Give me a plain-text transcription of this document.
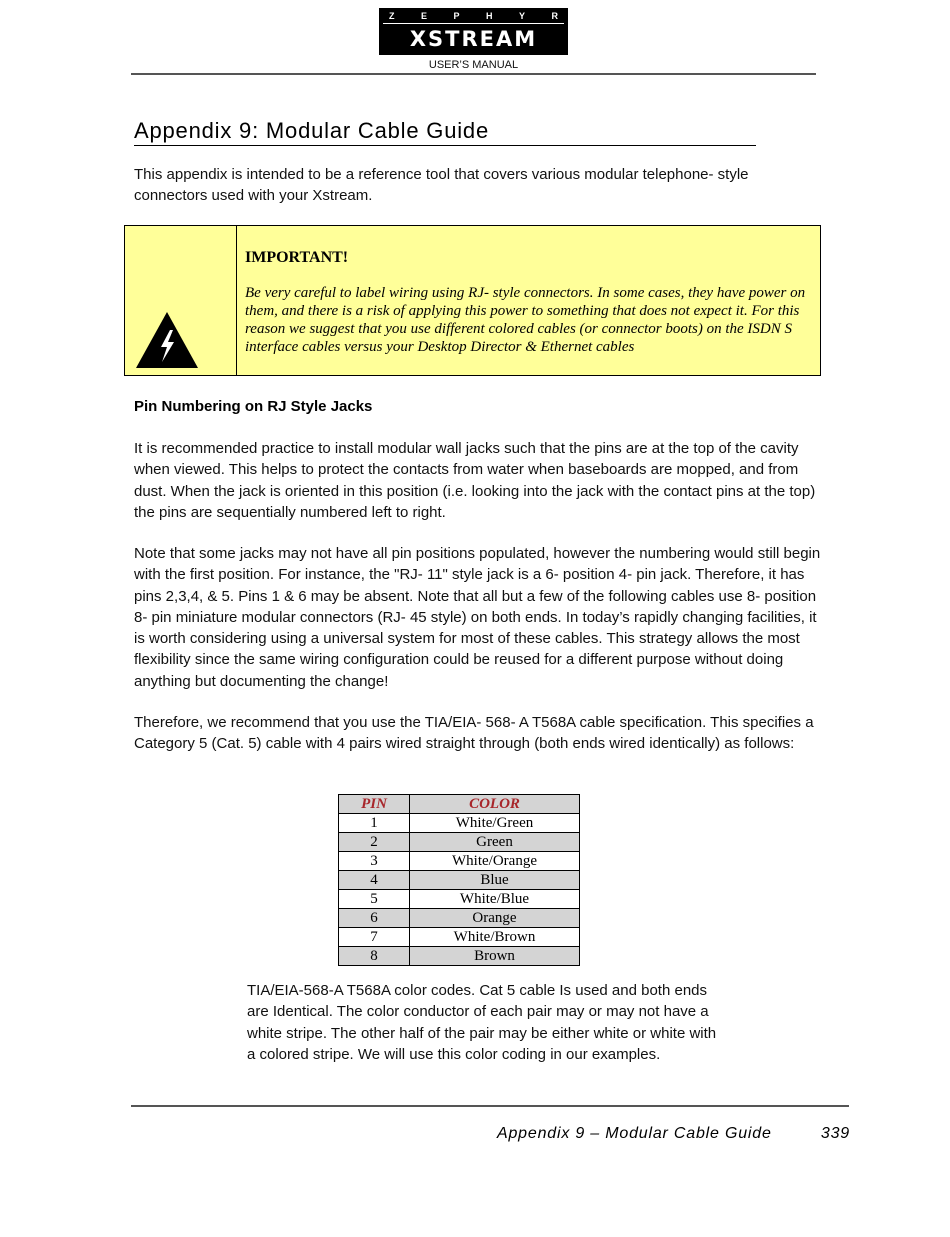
Z	E	P	H	Y	R
XSTREAM
USER’S MANUAL
Appendix 9: Modular Cable Guide
This appendix is intended to be a reference tool that covers various modular telephone- style connectors used with your Xstream.
IMPORTANT!
Be very careful to label wiring using RJ- style connectors. In some cases, they have power on them, and there is a risk of applying this power to something that does not expect it. For this reason we suggest that you use different colored cables (or connector boots) on the ISDN S interface cables versus your Desktop Director & Ethernet cables
Pin Numbering on RJ Style Jacks
It is recommended practice to install modular wall jacks such that the pins are at the top of the cavity when viewed. This helps to protect the contacts from water when baseboards are mopped, and from dust. When the jack is oriented in this position (i.e. looking into the jack with the contact pins at the top) the pins are sequentially numbered left to right.
Note that some jacks may not have all pin positions populated, however the numbering would still begin with the first position. For instance, the "RJ- 11" style jack is a 6- position 4- pin jack. Therefore, it has pins 2,3,4, & 5. Pins 1 & 6 may be absent. Note that all but a few of the following cables use 8- position 8- pin miniature modular connectors (RJ- 45 style) on both ends. In today’s rapidly changing facilities, it is worth considering using a universal system for most of these cables. This strategy allows the most flexibility since the same wiring configuration could be reused for a different purpose without doing anything but documenting the change!
Therefore, we recommend that you use the TIA/EIA- 568- A T568A cable specification. This specifies a Category 5 (Cat. 5) cable with 4 pairs wired straight through (both ends wired identically) as follows:
PIN	COLOR
1	White/Green
2	Green
3	White/Orange
4	Blue
5	White/Blue
6	Orange
7	White/Brown
8	Brown
TIA/EIA-568-A T568A color codes. Cat 5 cable Is used and both ends are Identical. The color conductor of each pair may or may not have a white stripe. The other half of the pair may be either white or white with a colored stripe. We will use this color coding in our examples.
Appendix 9 – Modular Cable Guide	339
